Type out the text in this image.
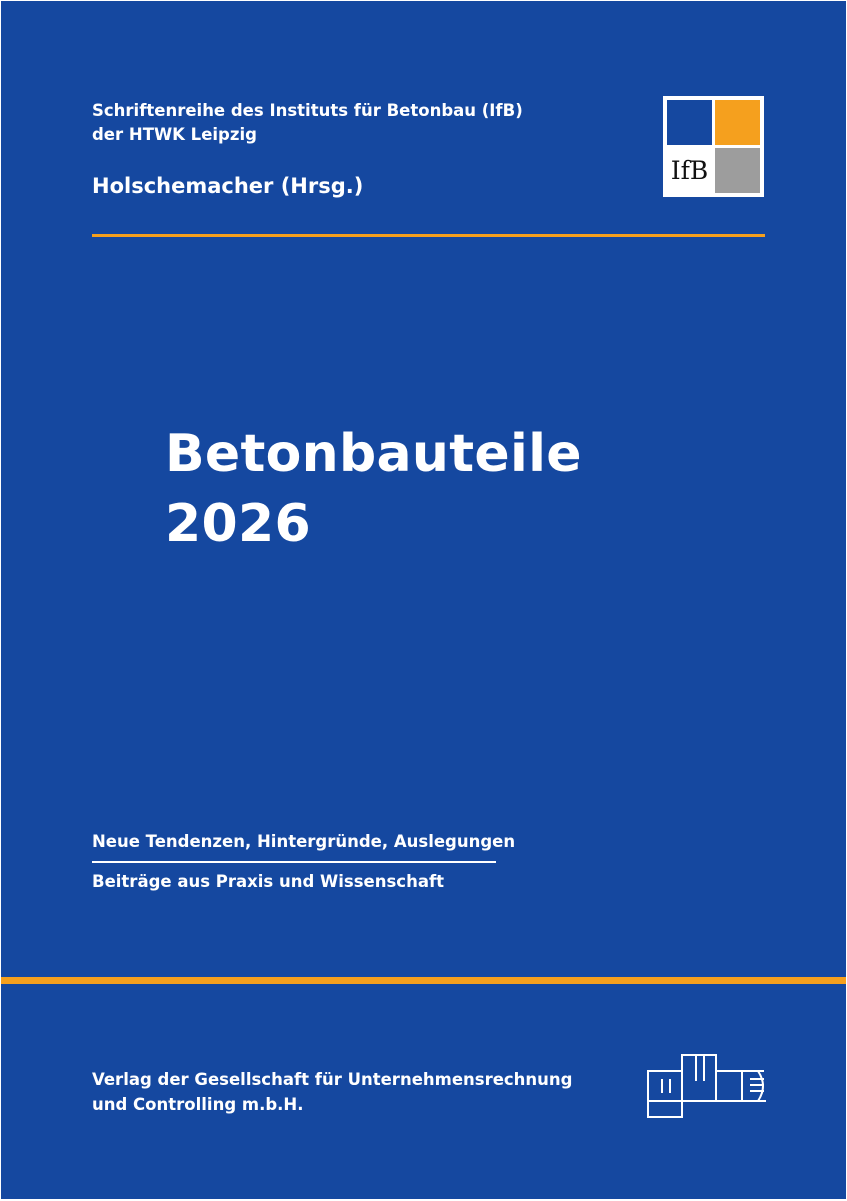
Schriftenreihe des Instituts für Betonbau (IfB)
der HTWK Leipzig
Holschemacher (Hrsg.)
IfB
Betonbauteile
2026
Neue Tendenzen, Hintergründe, Auslegungen
Beiträge aus Praxis und Wissenschaft
Verlag der Gesellschaft für Unternehmensrechnung
und Controlling m.b.H.
